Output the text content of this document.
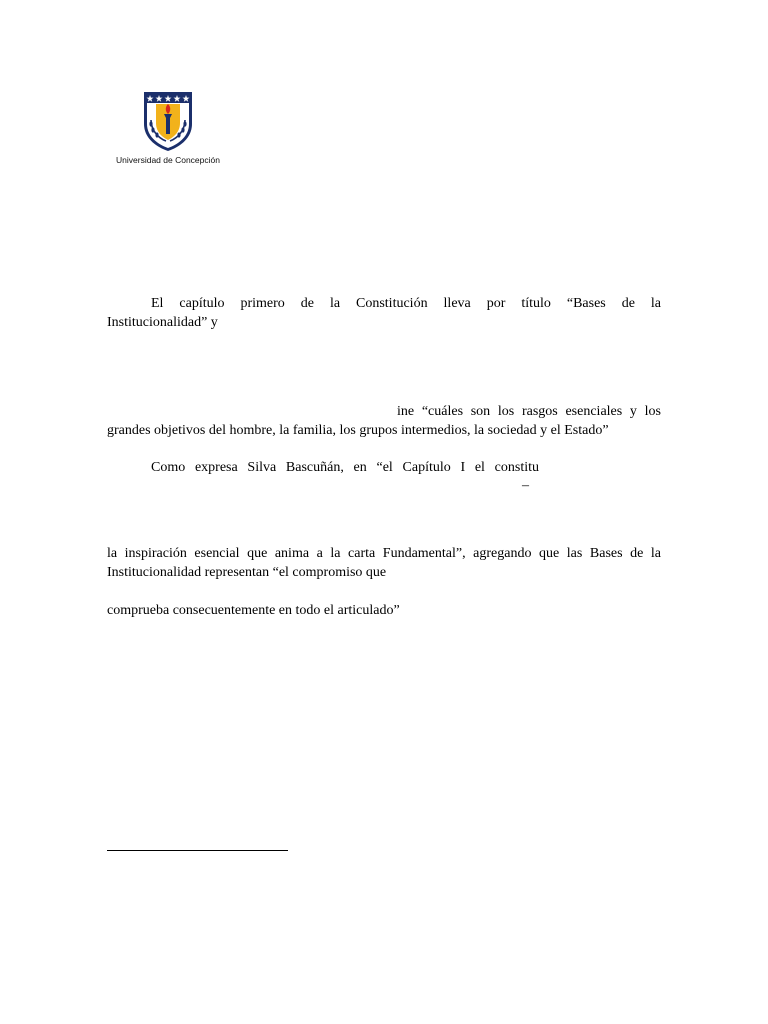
Universidad de Concepción
El capítulo primero de la Constitución lleva por título “Bases de la
Institucionalidad” y
ine “cuáles son los rasgos esenciales y los
grandes objetivos del hombre, la familia, los grupos intermedios, la sociedad y el Estado”
Como expresa Silva Bascuñán, en “el Capítulo I el constitu
–
la inspiración esencial que anima a la carta Fundamental”, agregando que las Bases de la
Institucionalidad representan “el compromiso que
comprueba consecuentemente en todo el articulado”
